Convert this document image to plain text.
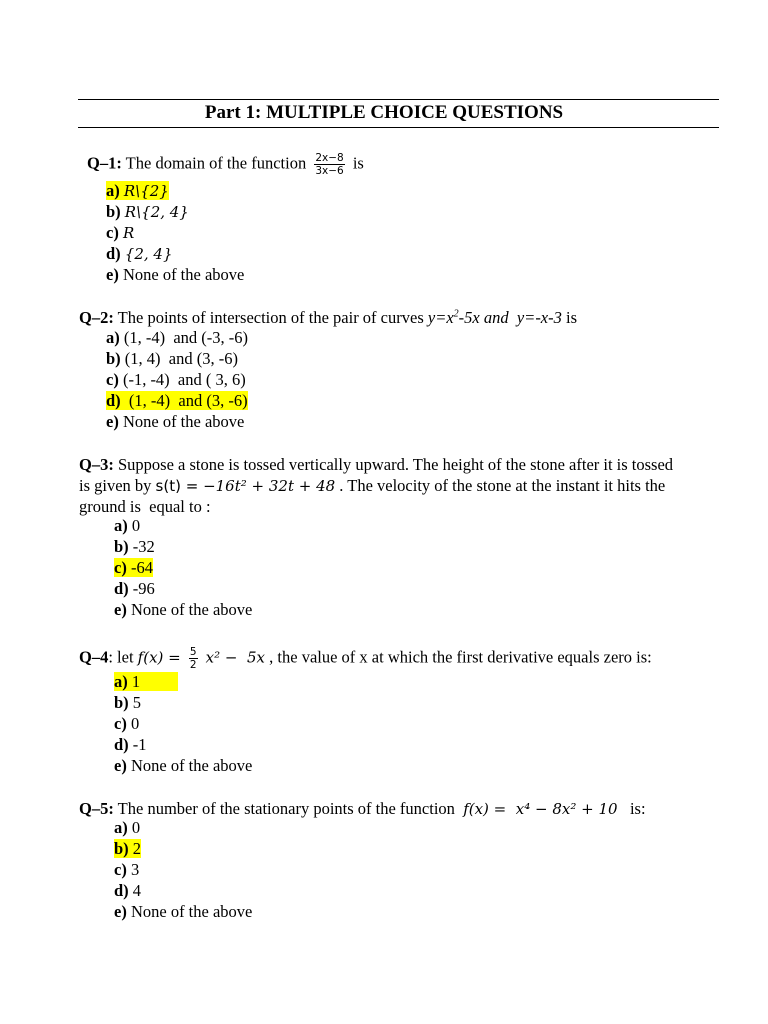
Part 1: MULTIPLE CHOICE QUESTIONS
Q–1: The domain of the function $\frac{2x-8}{3x-6}$ is
a) R\{2}
b) R\{2, 4}
c) R
d) {2, 4}
e) None of the above
Q–2: The points of intersection of the pair of curves $y=x^2-5x$ and y=-x-3 is
a) (1, -4)  and (-3, -6)
b) (1, 4)  and (3, -6)
c) (-1, -4)  and ( 3, 6)
d) (1, -4)  and (3, -6)
e) None of the above
Q–3: Suppose a stone is tossed vertically upward. The height of the stone after it is tossed
is given by s(t) = −16t² + 32t + 48 . The velocity of the stone at the instant it hits the
ground is  equal to :
a) 0
b) -32
c) -64
d) -96
e) None of the above
Q–4: let $f(x) = \frac{5}{2} x^2 - 5x$ , the value of x at which the first derivative equals zero is:
a) 1
b) 5
c) 0
d) -1
e) None of the above
Q–5: The number of the stationary points of the function f(x) =  x⁴ − 8x² + 10 is:
a) 0
b) 2
c) 3
d) 4
e) None of the above
